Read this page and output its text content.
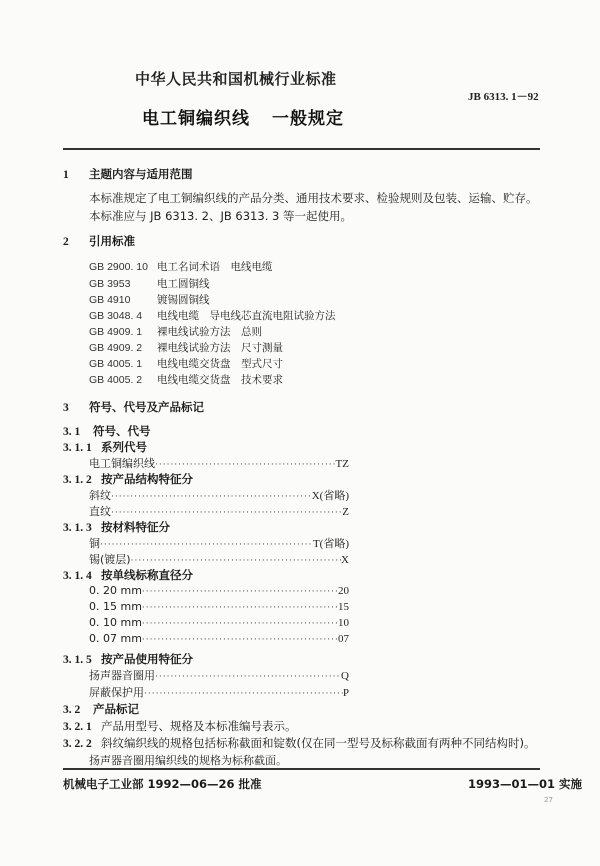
中华人民共和国机械行业标准
JB 6313. 1－92
电工铜编织线 一般规定
1 主题内容与适用范围
本标准规定了电工铜编织线的产品分类、通用技术要求、检验规则及包装、运输、贮存。
本标准应与 JB 6313. 2、JB 6313. 3 等一起使用。
2 引用标准
GB 2900. 10 电工名词术语　电线电缆
GB 3953	电工圆铜线
GB 4910	镀锡圆铜线
GB 3048. 4 电线电缆　导电线芯直流电阻试验方法
GB 4909. 1 裸电线试验方法　总则
GB 4909. 2 裸电线试验方法　尺寸测量
GB 4005. 1 电线电缆交货盘　型式尺寸
GB 4005. 2 电线电缆交货盘　技术要求
3 符号、代号及产品标记
3. 1 符号、代号
3. 1. 1 系列代号
电工铜编织线 ·····	TZ
3. 1. 2 按产品结构特征分
斜纹 ·····	X(省略)
直纹 ·····	Z
3. 1. 3 按材料特征分
铜 ·····	T(省略)
锡(镀层) ·····	X
3. 1. 4 按单线标称直径分
0. 20 mm ·····	20
0. 15 mm ·····	15
0. 10 mm ·····	10
0. 07 mm ·····	07
3. 1. 5 按产品使用特征分
扬声器音圈用 ·····	Q
屏蔽保护用 ·····	P
3. 2 产品标记
3. 2. 1 产品用型号、规格及本标准编号表示。
3. 2. 2 斜纹编织线的规格包括标称截面和锭数(仅在同一型号及标称截面有两种不同结构时)。
扬声器音圈用编织线的规格为标称截面。
机械电子工业部 1992—06—26 批准	1993—01—01 实施
27
